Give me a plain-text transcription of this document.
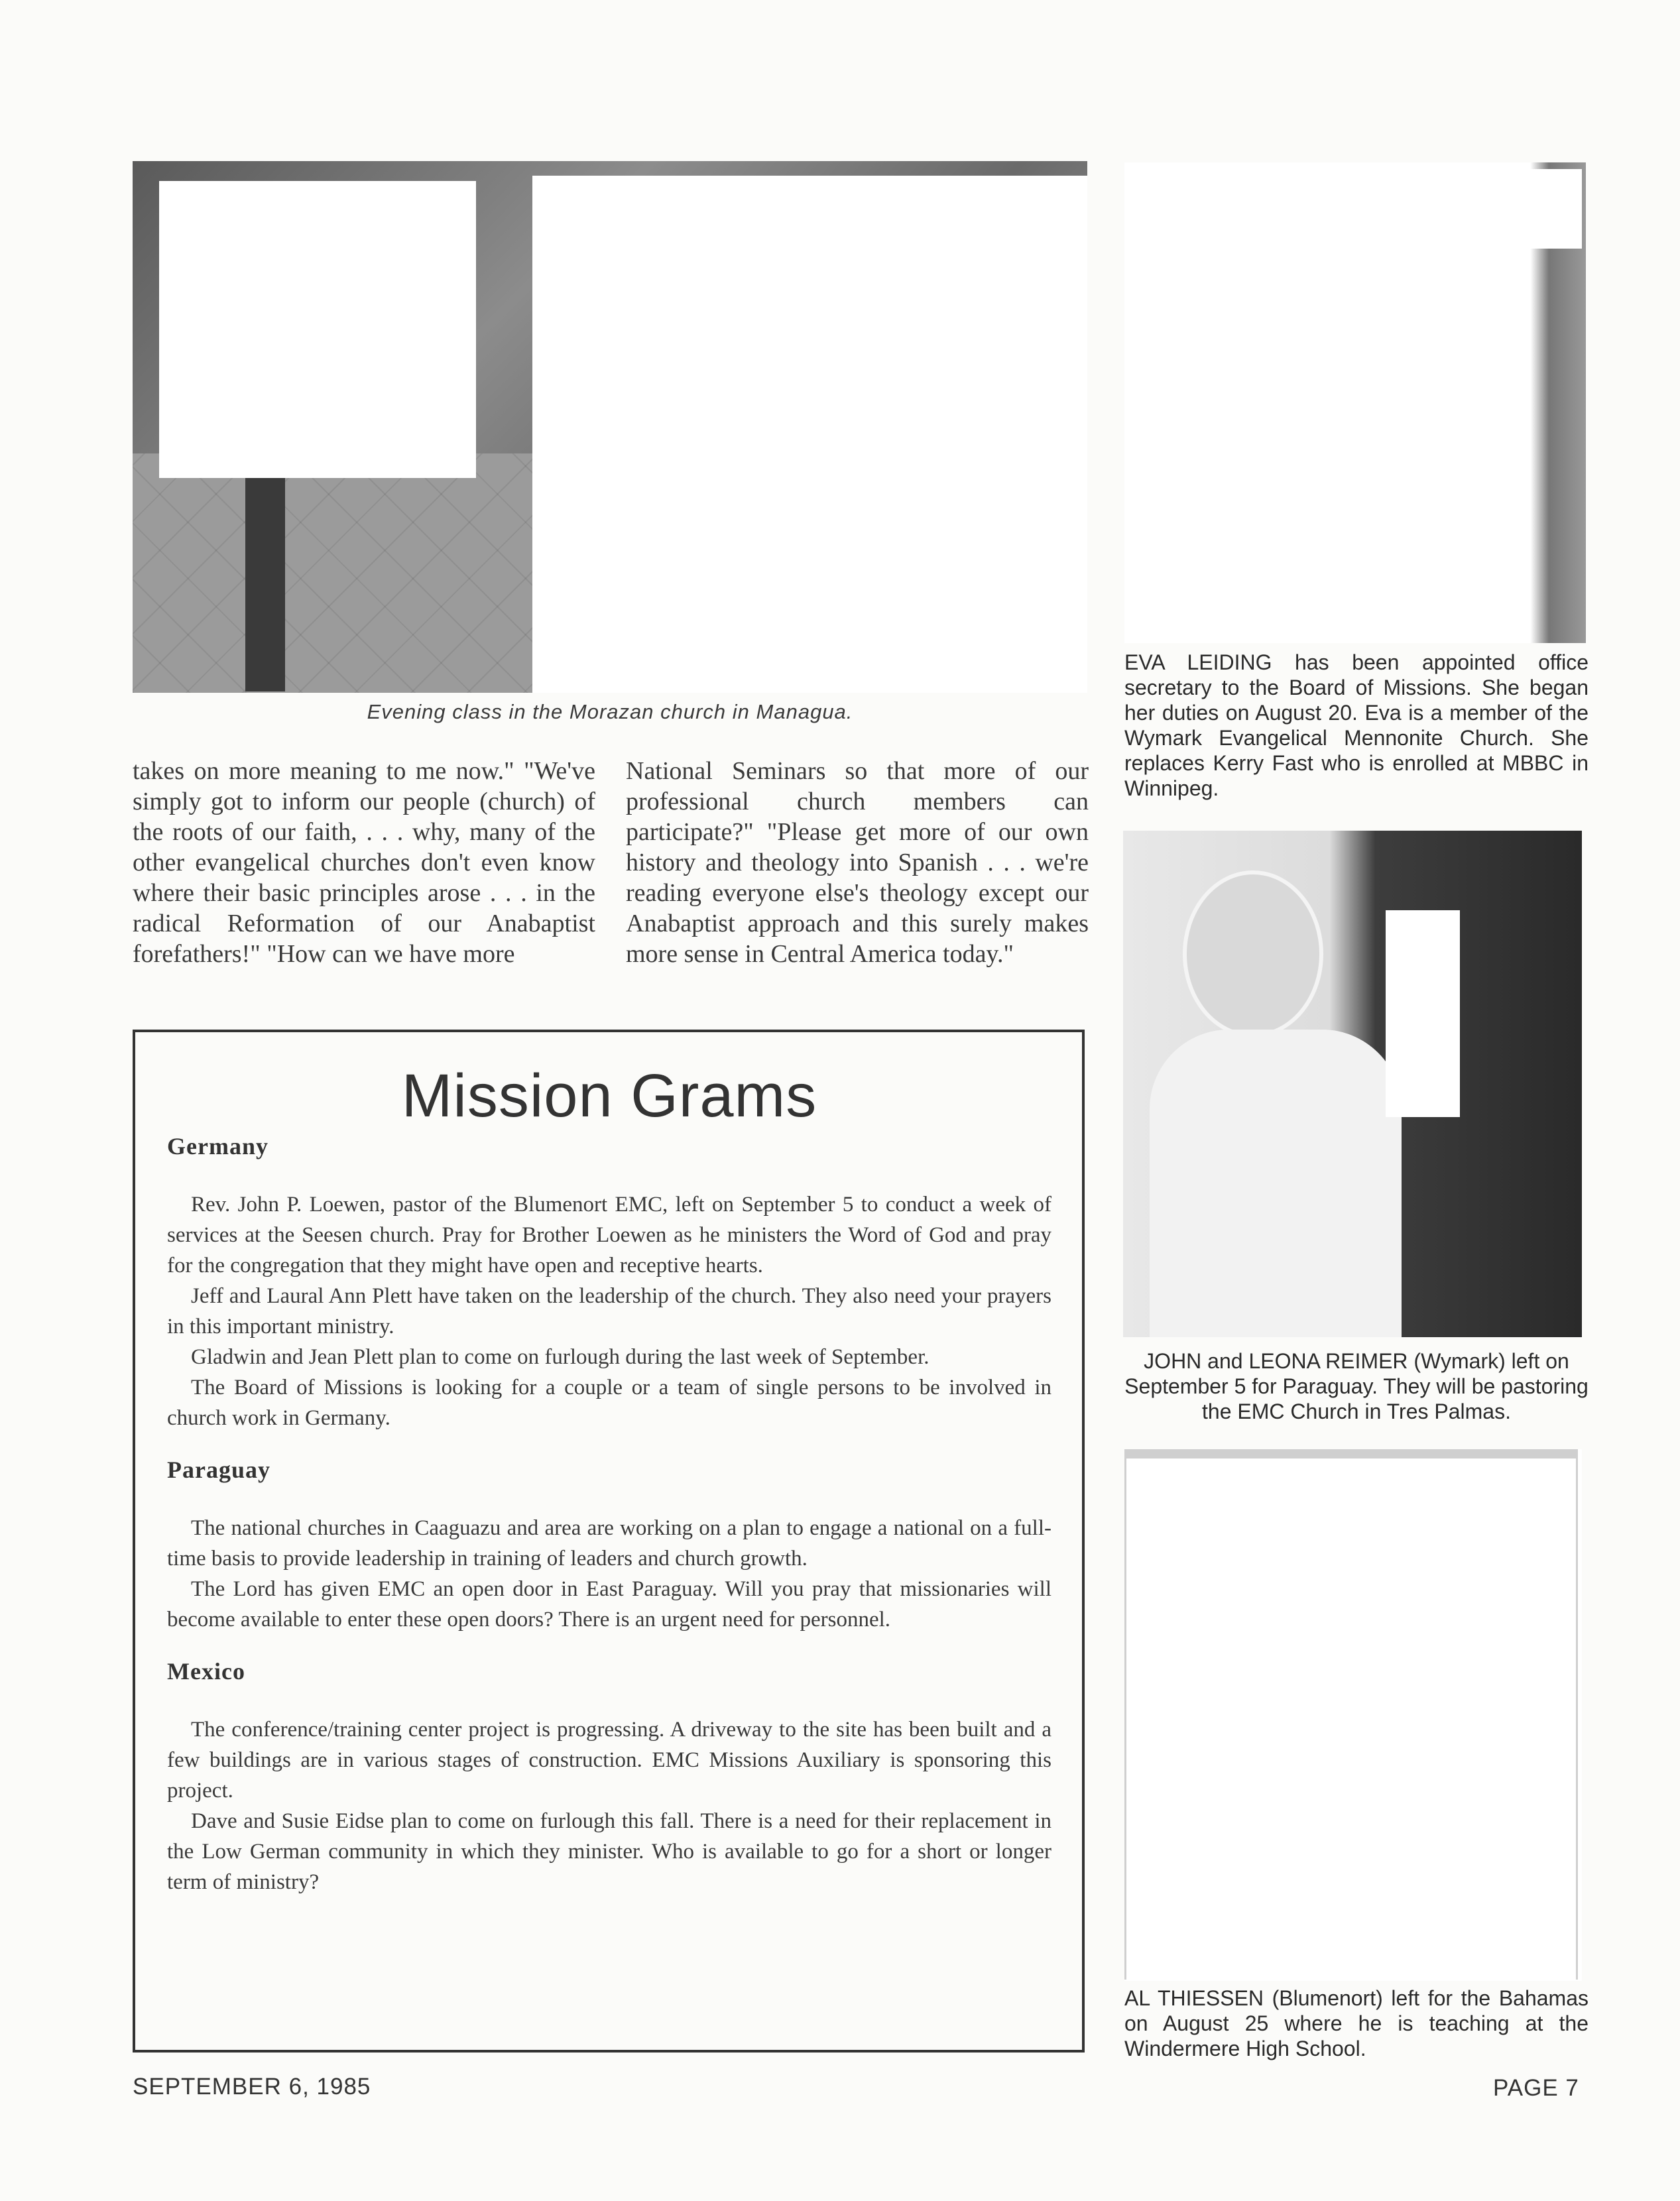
Evening class in the Morazan church in Managua.

takes on more meaning to me now." "We've simply got to inform our people (church) of the roots of our faith, . . . why, many of the other evangelical churches don't even know where their basic principles arose . . . in the radical Reformation of our Anabaptist forefathers!" "How can we have more

National Seminars so that more of our professional church members can participate?" "Please get more of our own history and theology into Spanish . . . we're reading everyone else's theology except our Anabaptist approach and this surely makes more sense in Central America today."

Mission Grams
Germany

Rev. John P. Loewen, pastor of the Blumenort EMC, left on September 5 to conduct a week of services at the Seesen church. Pray for Brother Loewen as he ministers the Word of God and pray for the congregation that they might have open and receptive hearts.

Jeff and Laural Ann Plett have taken on the leadership of the church. They also need your prayers in this important ministry.

Gladwin and Jean Plett plan to come on furlough during the last week of September.

The Board of Missions is looking for a couple or a team of single persons to be involved in church work in Germany.

Paraguay

The national churches in Caaguazu and area are working on a plan to engage a national on a full-time basis to provide leadership in training of leaders and church growth.

The Lord has given EMC an open door in East Paraguay. Will you pray that missionaries will become available to enter these open doors? There is an urgent need for personnel.

Mexico

The conference/training center project is progressing. A driveway to the site has been built and a few buildings are in various stages of construction. EMC Missions Auxiliary is sponsoring this project.

Dave and Susie Eidse plan to come on furlough this fall. There is a need for their replacement in the Low German community in which they minister. Who is available to go for a short or longer term of ministry?

EVA LEIDING has been appointed office secretary to the Board of Missions. She began her duties on August 20. Eva is a member of the Wymark Evangelical Mennonite Church. She replaces Kerry Fast who is enrolled at MBBC in Winnipeg.
JOHN and LEONA REIMER (Wymark) left on September 5 for Paraguay. They will be pastoring the EMC Church in Tres Palmas.
AL THIESSEN (Blumenort) left for the Bahamas on August 25 where he is teaching at the Windermere High School.
SEPTEMBER 6, 1985	PAGE 7
